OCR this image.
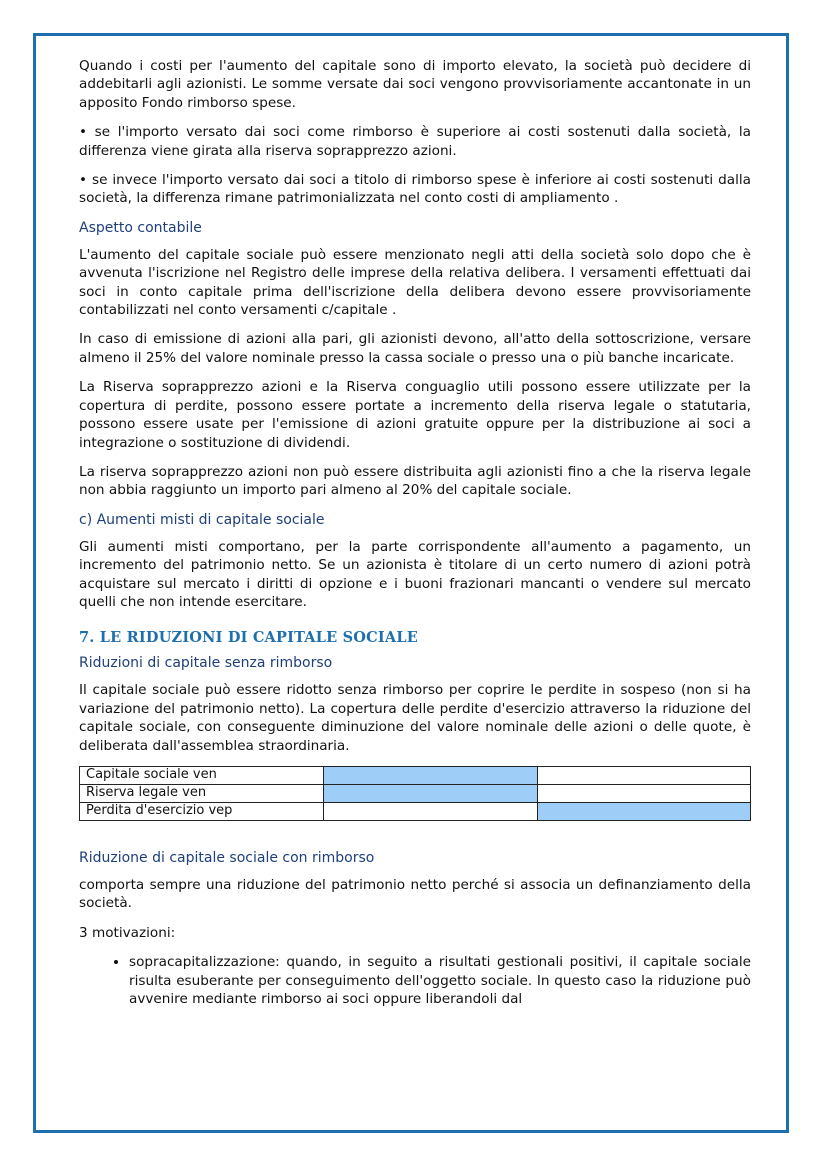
Quando i costi per l'aumento del capitale sono di importo elevato, la società può decidere di addebitarli agli azionisti. Le somme versate dai soci vengono provvisoriamente accantonate in un apposito Fondo rimborso spese.

• se l'importo versato dai soci come rimborso è superiore ai costi sostenuti dalla società, la differenza viene girata alla riserva soprapprezzo azioni.

• se invece l'importo versato dai soci a titolo di rimborso spese è inferiore ai costi sostenuti dalla società, la differenza rimane patrimonializzata nel conto costi di ampliamento .

Aspetto contabile

L'aumento del capitale sociale può essere menzionato negli atti della società solo dopo che è avvenuta l'iscrizione nel Registro delle imprese della relativa delibera. I versamenti effettuati dai soci in conto capitale prima dell'iscrizione della delibera devono essere provvisoriamente contabilizzati nel conto versamenti c/capitale .

In caso di emissione di azioni alla pari, gli azionisti devono, all'atto della sottoscrizione, versare almeno il 25% del valore nominale presso la cassa sociale o presso una o più banche incaricate.

La Riserva soprapprezzo azioni e la Riserva conguaglio utili possono essere utilizzate per la copertura di perdite, possono essere portate a incremento della riserva legale o statutaria, possono essere usate per l'emissione di azioni gratuite oppure per la distribuzione ai soci a integrazione o sostituzione di dividendi.

La riserva soprapprezzo azioni non può essere distribuita agli azionisti fino a che la riserva legale non abbia raggiunto un importo pari almeno al 20% del capitale sociale.

c) Aumenti misti di capitale sociale

Gli aumenti misti comportano, per la parte corrispondente all'aumento a pagamento, un incremento del patrimonio netto. Se un azionista è titolare di un certo numero di azioni potrà acquistare sul mercato i diritti di opzione e i buoni frazionari mancanti o vendere sul mercato quelli che non intende esercitare.

7. LE RIDUZIONI DI CAPITALE SOCIALE
Riduzioni di capitale senza rimborso

Il capitale sociale può essere ridotto senza rimborso per coprire le perdite in sospeso (non si ha variazione del patrimonio netto). La copertura delle perdite d'esercizio attraverso la riduzione del capitale sociale, con conseguente diminuzione del valore nominale delle azioni o delle quote, è deliberata dall'assemblea straordinaria.

Capitale sociale ven		
Riserva legale ven		
Perdita d'esercizio vep		
Riduzione di capitale sociale con rimborso

comporta sempre una riduzione del patrimonio netto perché si associa un definanziamento della società.

3 motivazioni:

• sopracapitalizzazione: quando, in seguito a risultati gestionali positivi, il capitale sociale risulta esuberante per conseguimento dell'oggetto sociale. In questo caso la riduzione può avvenire mediante rimborso ai soci oppure liberandoli dal
